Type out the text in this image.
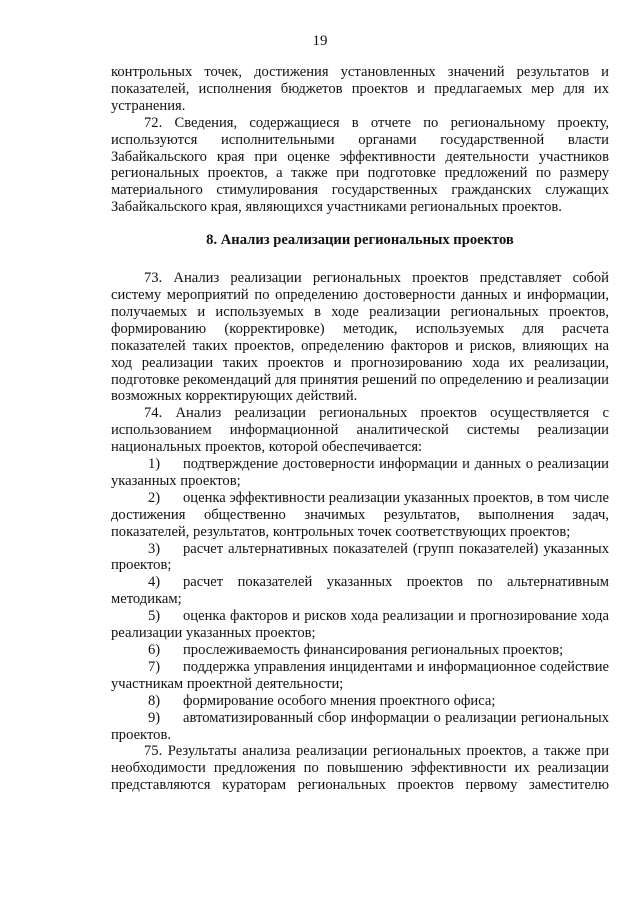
19

контрольных точек, достижения установленных значений результатов и показателей, исполнения бюджетов проектов и предлагаемых мер для их устранения.

72. Сведения, содержащиеся в отчете по региональному проекту, используются исполнительными органами государственной власти Забайкальского края при оценке эффективности деятельности участников региональных проектов, а также при подготовке предложений по размеру материального стимулирования государственных гражданских служащих Забайкальского края, являющихся участниками региональных проектов.

8. Анализ реализации региональных проектов

73. Анализ реализации региональных проектов представляет собой систему мероприятий по определению достоверности данных и информации, получаемых и используемых в ходе реализации региональных проектов, формированию (корректировке) методик, используемых для расчета показателей таких проектов, определению факторов и рисков, влияющих на ход реализации таких проектов и прогнозированию хода их реализации, подготовке рекомендаций для принятия решений по определению и реализации возможных корректирующих действий.

74. Анализ реализации региональных проектов осуществляется с использованием информационной аналитической системы реализации национальных проектов, которой обеспечивается:

1) подтверждение достоверности информации и данных о реализации указанных проектов;

2) оценка эффективности реализации указанных проектов, в том числе достижения общественно значимых результатов, выполнения задач, показателей, результатов, контрольных точек соответствующих проектов;

3) расчет альтернативных показателей (групп показателей) указанных проектов;

4) расчет показателей указанных проектов по альтернативным методикам;

5) оценка факторов и рисков хода реализации и прогнозирование хода реализации указанных проектов;

6) прослеживаемость финансирования региональных проектов;

7) поддержка управления инцидентами и информационное содействие участникам проектной деятельности;

8) формирование особого мнения проектного офиса;

9) автоматизированный сбор информации о реализации региональных проектов.

75. Результаты анализа реализации региональных проектов, а также при необходимости предложения по повышению эффективности их реализации представляются кураторам региональных проектов первому заместителю
